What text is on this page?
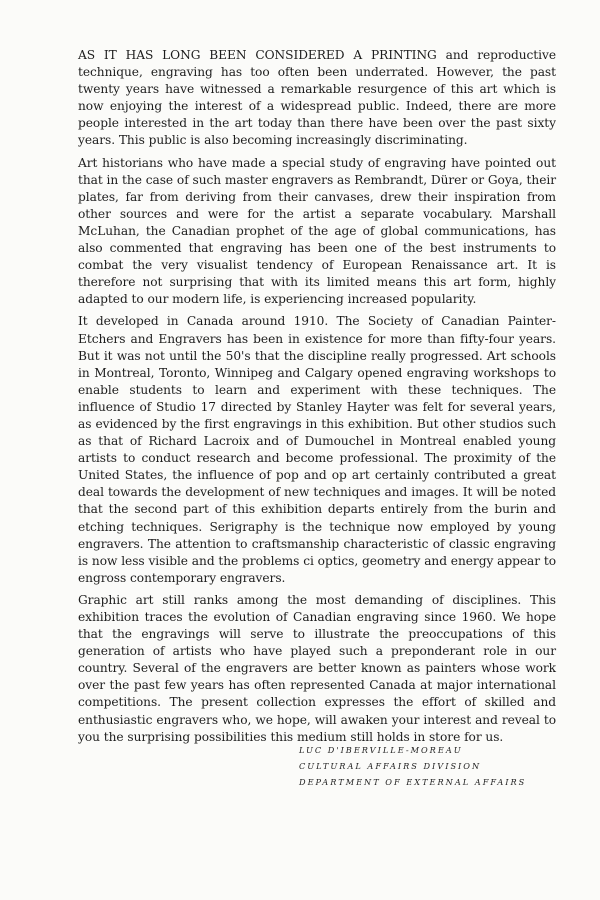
AS IT HAS LONG BEEN CONSIDERED A PRINTING and reproductive technique, engraving has too often been underrated. However, the past twenty years have witnessed a remarkable resurgence of this art which is now enjoying the interest of a widespread public. Indeed, there are more people interested in the art today than there have been over the past sixty years. This public is also becoming increasingly discriminating.

Art historians who have made a special study of engraving have pointed out that in the case of such master engravers as Rembrandt, Dürer or Goya, their plates, far from deriving from their canvases, drew their inspiration from other sources and were for the artist a separate vocabulary. Marshall McLuhan, the Canadian prophet of the age of global communications, has also commented that engraving has been one of the best instruments to combat the very visualist tendency of European Renaissance art. It is therefore not surprising that with its limited means this art form, highly adapted to our modern life, is experiencing increased popularity.

It developed in Canada around 1910. The Society of Canadian Painter-Etchers and Engravers has been in existence for more than fifty-four years. But it was not until the 50's that the discipline really progressed. Art schools in Montreal, Toronto, Winnipeg and Calgary opened engraving workshops to enable students to learn and experiment with these techniques. The influence of Studio 17 directed by Stanley Hayter was felt for several years, as evidenced by the first engravings in this exhibition. But other studios such as that of Richard Lacroix and of Dumouchel in Montreal enabled young artists to conduct research and become professional. The proximity of the United States, the influence of pop and op art certainly contributed a great deal towards the development of new techniques and images. It will be noted that the second part of this exhibition departs entirely from the burin and etching techniques. Serigraphy is the technique now employed by young engravers. The attention to craftsmanship characteristic of classic engraving is now less visible and the problems ci optics, geometry and energy appear to engross contemporary engravers.

Graphic art still ranks among the most demanding of disciplines. This exhibition traces the evolution of Canadian engraving since 1960. We hope that the engravings will serve to illustrate the preoccupations of this generation of artists who have played such a preponderant role in our country. Several of the engravers are better known as painters whose work over the past few years has often represented Canada at major international competitions. The present collection expresses the effort of skilled and enthusiastic engravers who, we hope, will awaken your interest and reveal to you the surprising possibilities this medium still holds in store for us.

LUC D'IBERVILLE-MOREAU
CULTURAL AFFAIRS DIVISION
DEPARTMENT OF EXTERNAL AFFAIRS
